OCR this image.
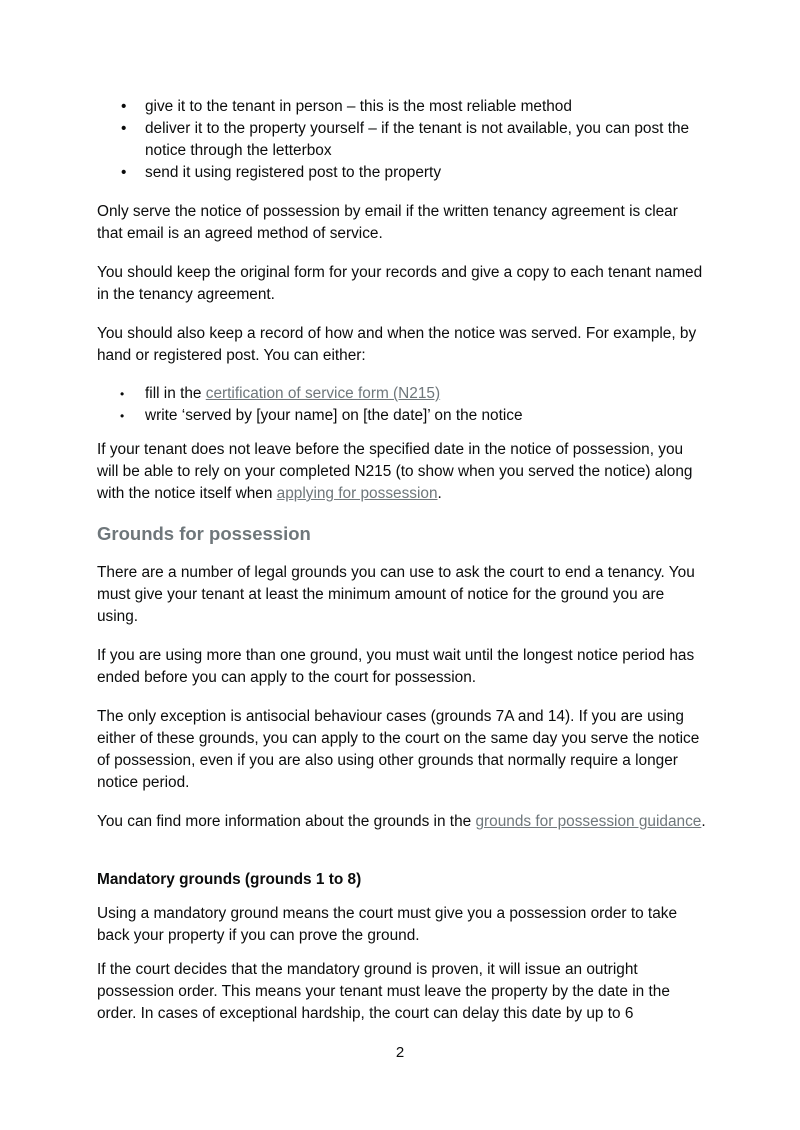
• give it to the tenant in person – this is the most reliable method
• deliver it to the property yourself – if the tenant is not available, you can post the notice through the letterbox
• send it using registered post to the property

Only serve the notice of possession by email if the written tenancy agreement is clear that email is an agreed method of service.

You should keep the original form for your records and give a copy to each tenant named in the tenancy agreement.

You should also keep a record of how and when the notice was served. For example, by hand or registered post. You can either:

• fill in the certification of service form (N215)
• write ‘served by [your name] on [the date]’ on the notice

If your tenant does not leave before the specified date in the notice of possession, you will be able to rely on your completed N215 (to show when you served the notice) along with the notice itself when applying for possession.

Grounds for possession

There are a number of legal grounds you can use to ask the court to end a tenancy. You must give your tenant at least the minimum amount of notice for the ground you are using.

If you are using more than one ground, you must wait until the longest notice period has ended before you can apply to the court for possession.

The only exception is antisocial behaviour cases (grounds 7A and 14). If you are using either of these grounds, you can apply to the court on the same day you serve the notice of possession, even if you are also using other grounds that normally require a longer notice period.

You can find more information about the grounds in the grounds for possession guidance.

Mandatory grounds (grounds 1 to 8)

Using a mandatory ground means the court must give you a possession order to take back your property if you can prove the ground.

If the court decides that the mandatory ground is proven, it will issue an outright possession order. This means your tenant must leave the property by the date in the order. In cases of exceptional hardship, the court can delay this date by up to 6

2
